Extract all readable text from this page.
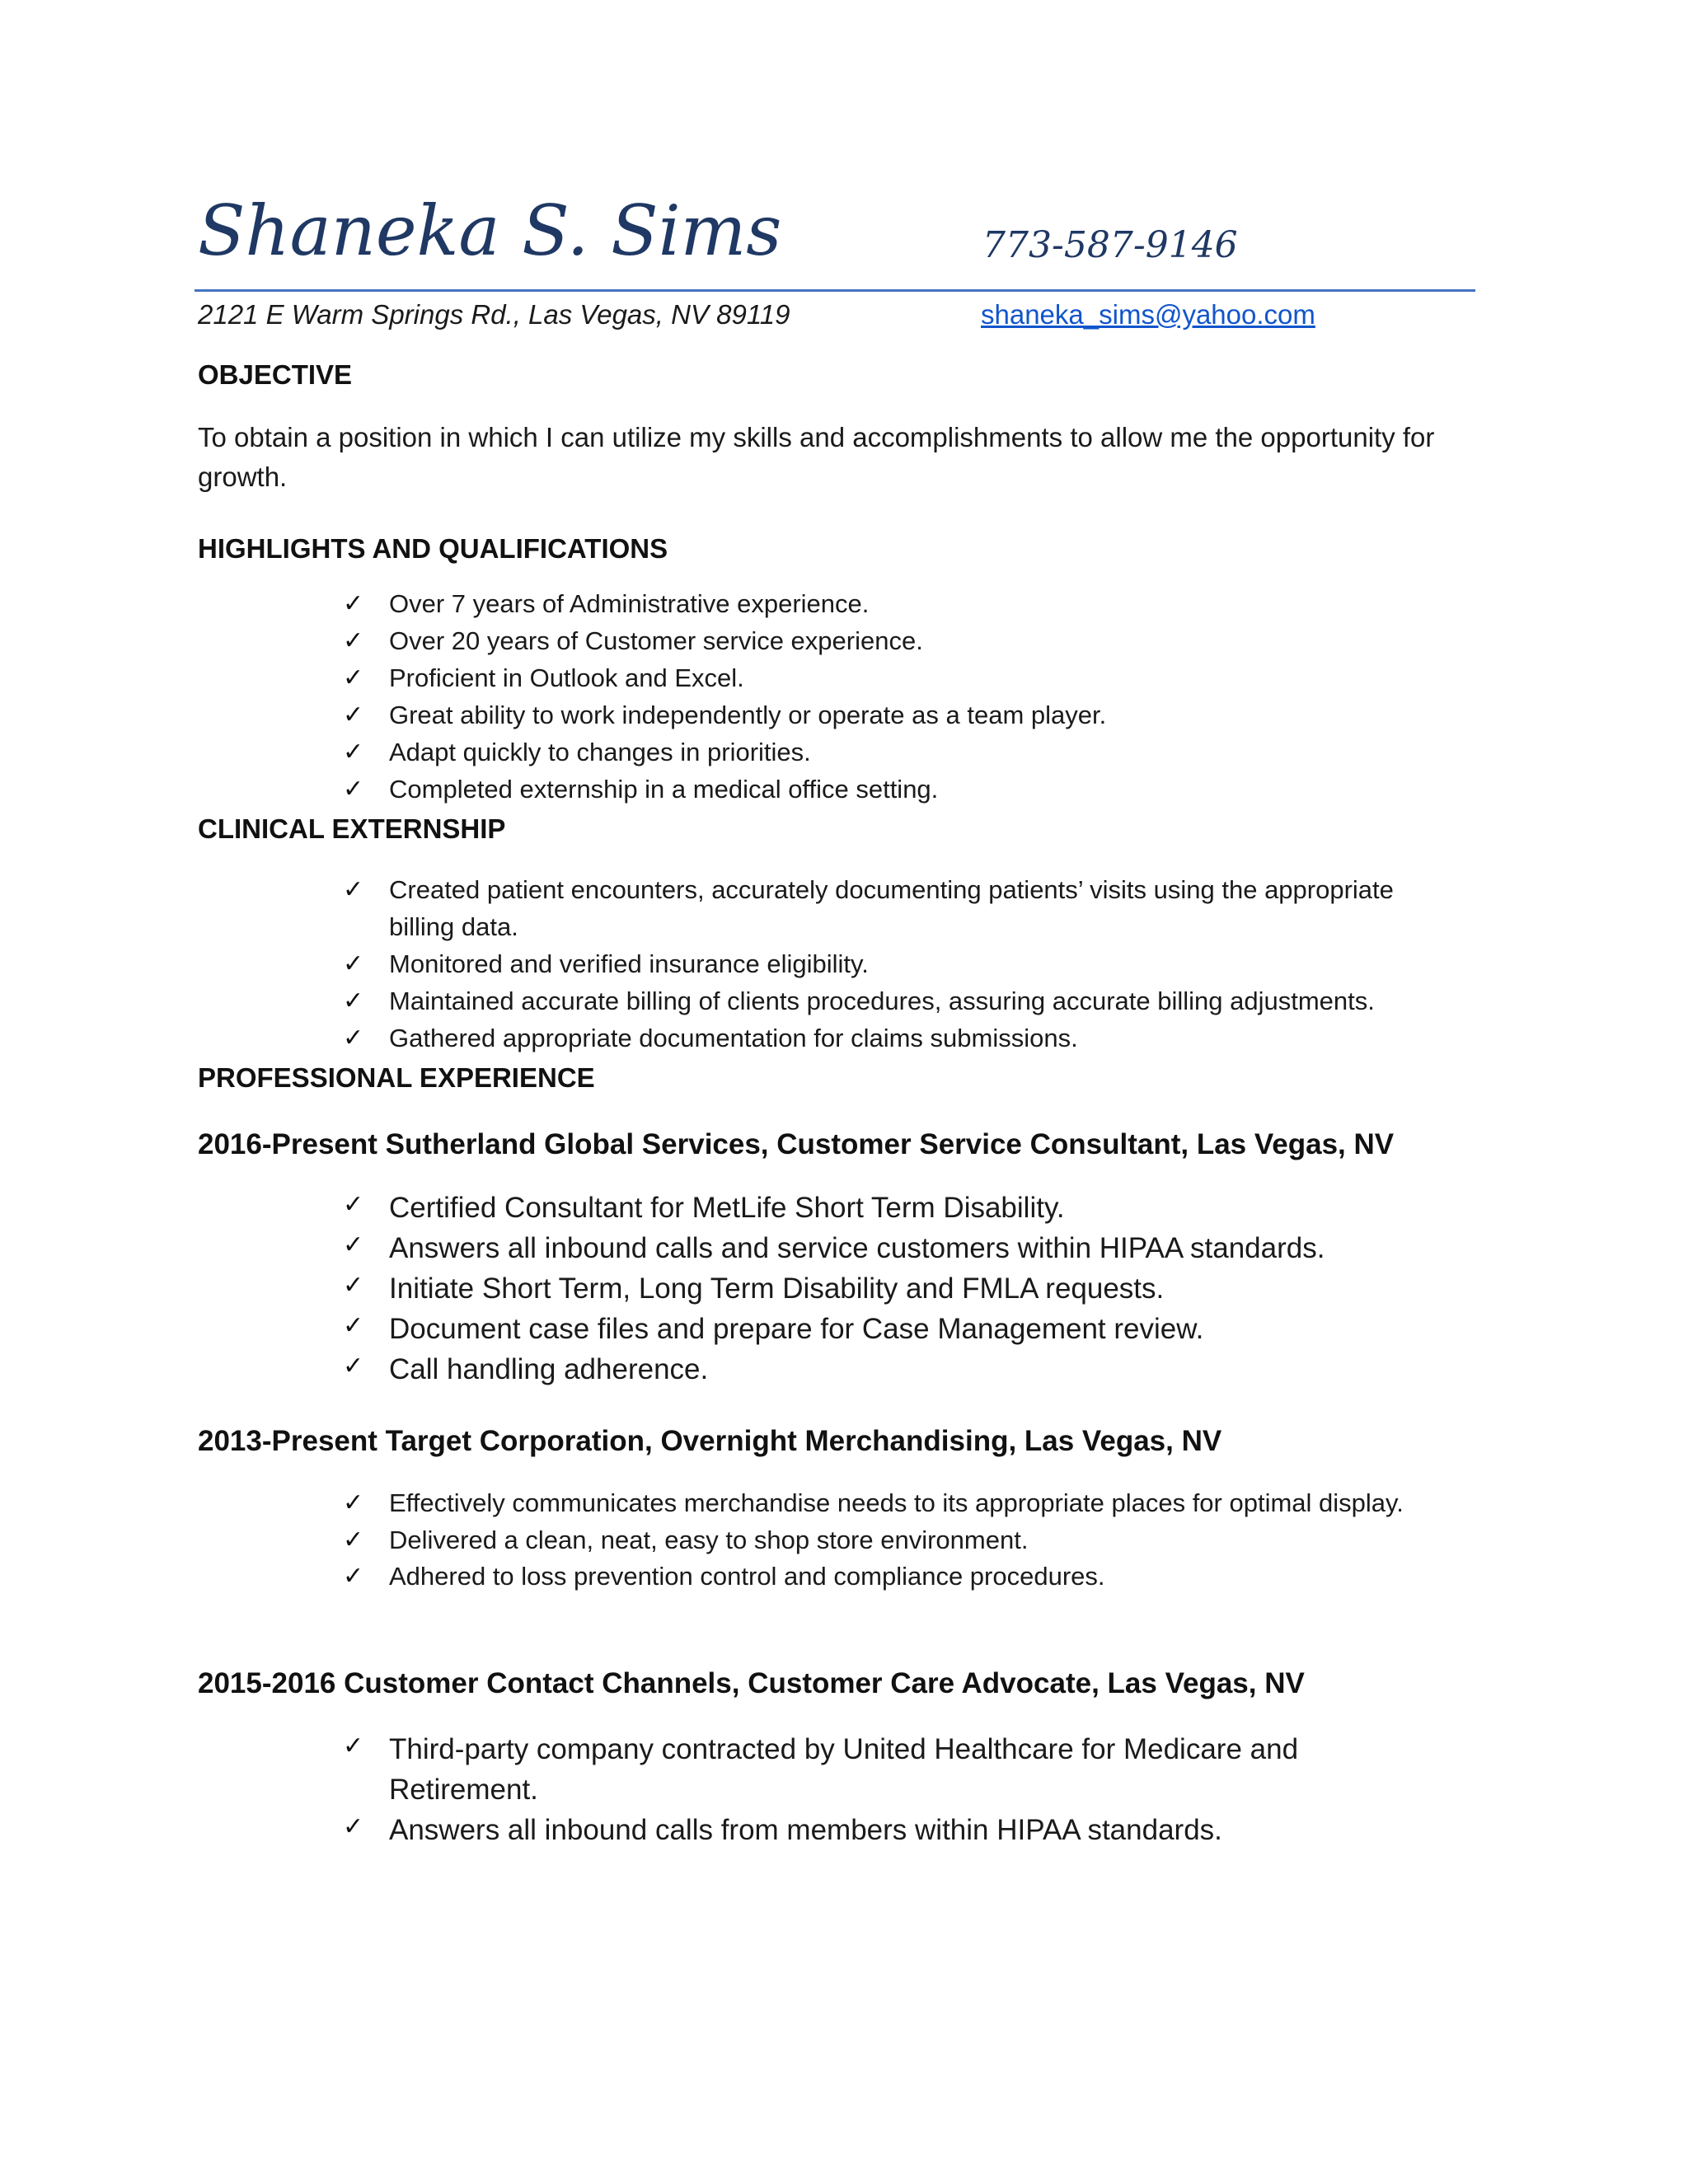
Shaneka S. Sims	773-587-9146
2121 E Warm Springs Rd., Las Vegas, NV 89119	shaneka_sims@yahoo.com
OBJECTIVE

To obtain a position in which I can utilize my skills and accomplishments to allow me the opportunity for growth.

HIGHLIGHTS AND QUALIFICATIONS
✓ Over 7 years of Administrative experience.
✓ Over 20 years of Customer service experience.
✓ Proficient in Outlook and Excel.
✓ Great ability to work independently or operate as a team player.
✓ Adapt quickly to changes in priorities.
✓ Completed externship in a medical office setting.
CLINICAL EXTERNSHIP
✓ Created patient encounters, accurately documenting patients’ visits using the appropriate billing data.
✓ Monitored and verified insurance eligibility.
✓ Maintained accurate billing of clients procedures, assuring accurate billing adjustments.
✓ Gathered appropriate documentation for claims submissions.
PROFESSIONAL EXPERIENCE
2016-Present Sutherland Global Services, Customer Service Consultant, Las Vegas, NV
✓ Certified Consultant for MetLife Short Term Disability.
✓ Answers all inbound calls and service customers within HIPAA standards.
✓ Initiate Short Term, Long Term Disability and FMLA requests.
✓ Document case files and prepare for Case Management review.
✓ Call handling adherence.
2013-Present Target Corporation, Overnight Merchandising, Las Vegas, NV
✓ Effectively communicates merchandise needs to its appropriate places for optimal display.
✓ Delivered a clean, neat, easy to shop store environment.
✓ Adhered to loss prevention control and compliance procedures.
2015-2016 Customer Contact Channels, Customer Care Advocate, Las Vegas, NV
✓ Third-party company contracted by United Healthcare for Medicare and Retirement.
✓ Answers all inbound calls from members within HIPAA standards.
